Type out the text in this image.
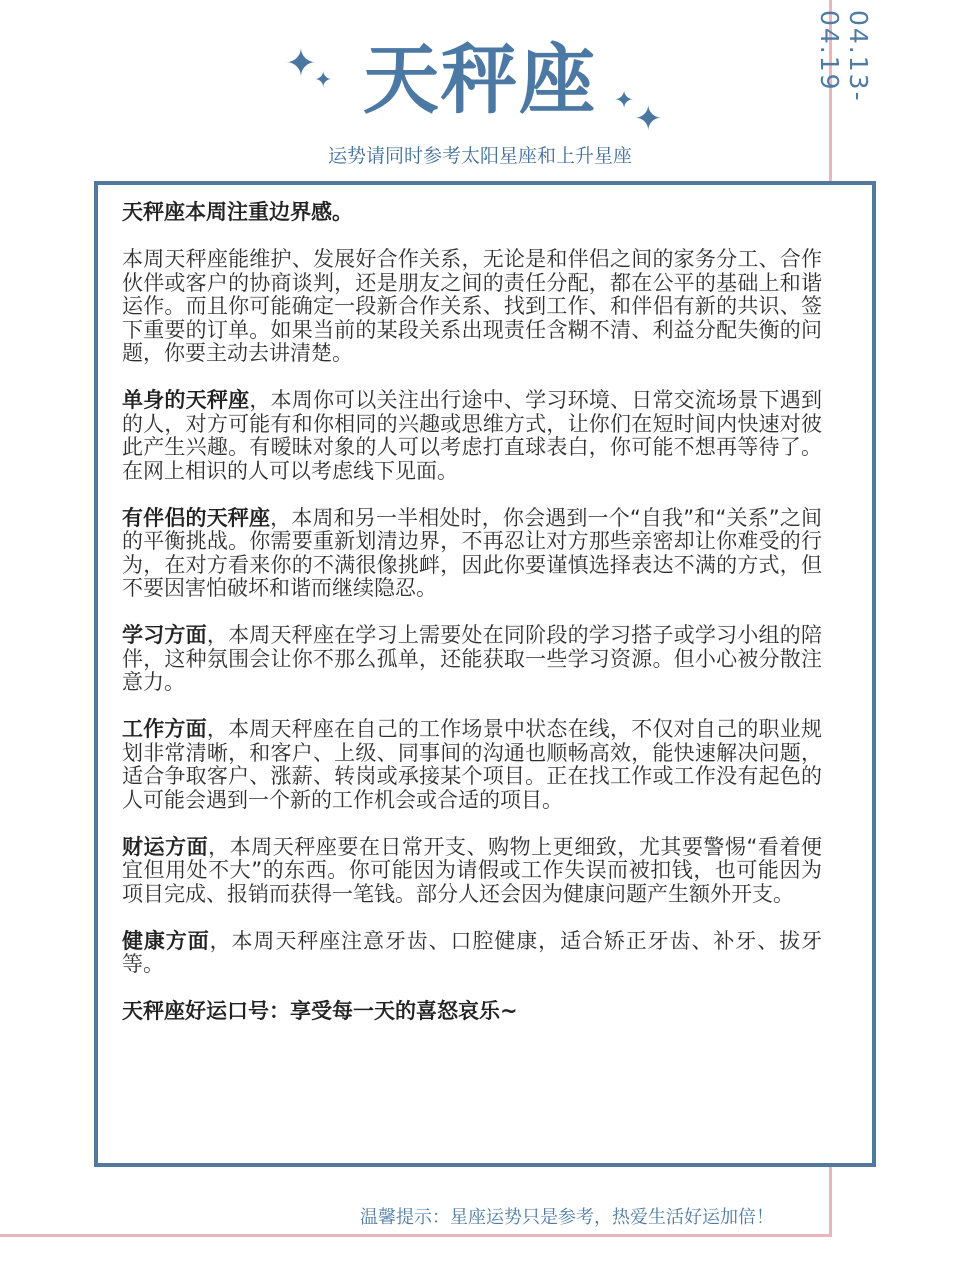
04.13-04.19
✦
✦
✦ ✦
天秤座
运势请同时参考太阳星座和上升星座

天秤座本周注重边界感。

本周天秤座能维护、发展好合作关系，无论是和伴侣之间的家务分工、合作伙伴或客户的协商谈判，还是朋友之间的责任分配，都在公平的基础上和谐运作。而且你可能确定一段新合作关系、找到工作、和伴侣有新的共识、签下重要的订单。如果当前的某段关系出现责任含糊不清、利益分配失衡的问题，你要主动去讲清楚。

单身的天秤座，本周你可以关注出行途中、学习环境、日常交流场景下遇到的人，对方可能有和你相同的兴趣或思维方式，让你们在短时间内快速对彼此产生兴趣。有暧昧对象的人可以考虑打直球表白，你可能不想再等待了。在网上相识的人可以考虑线下见面。

有伴侣的天秤座，本周和另一半相处时，你会遇到一个“自我”和“关系”之间的平衡挑战。你需要重新划清边界，不再忍让对方那些亲密却让你难受的行为，在对方看来你的不满很像挑衅，因此你要谨慎选择表达不满的方式，但不要因害怕破坏和谐而继续隐忍。

学习方面，本周天秤座在学习上需要处在同阶段的学习搭子或学习小组的陪伴，这种氛围会让你不那么孤单，还能获取一些学习资源。但小心被分散注意力。

工作方面，本周天秤座在自己的工作场景中状态在线，不仅对自己的职业规划非常清晰，和客户、上级、同事间的沟通也顺畅高效，能快速解决问题，适合争取客户、涨薪、转岗或承接某个项目。正在找工作或工作没有起色的人可能会遇到一个新的工作机会或合适的项目。

财运方面，本周天秤座要在日常开支、购物上更细致，尤其要警惕“看着便宜但用处不大”的东西。你可能因为请假或工作失误而被扣钱，也可能因为项目完成、报销而获得一笔钱。部分人还会因为健康问题产生额外开支。

健康方面，本周天秤座注意牙齿、口腔健康，适合矫正牙齿、补牙、拔牙等。

天秤座好运口号：享受每一天的喜怒哀乐~

温馨提示：星座运势只是参考，热爱生活好运加倍！
